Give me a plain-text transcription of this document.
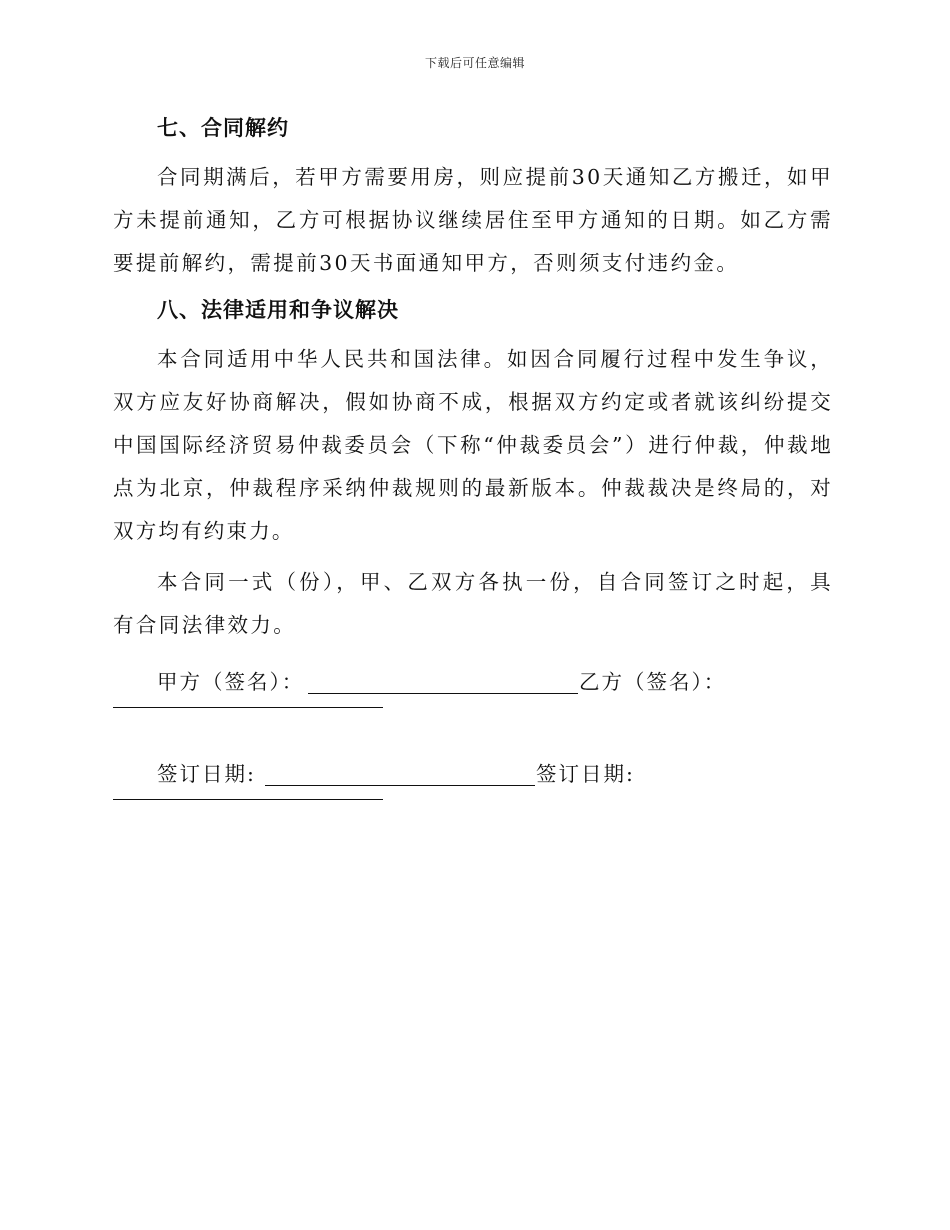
下载后可任意编辑
七、合同解约

合同期满后，若甲方需要用房，则应提前30天通知乙方搬迁，如甲方未提前通知，乙方可根据协议继续居住至甲方通知的日期。如乙方需要提前解约，需提前30天书面通知甲方，否则须支付违约金。

八、法律适用和争议解决

本合同适用中华人民共和国法律。如因合同履行过程中发生争议，双方应友好协商解决，假如协商不成，根据双方约定或者就该纠纷提交中国国际经济贸易仲裁委员会（下称“仲裁委员会”）进行仲裁，仲裁地点为北京，仲裁程序采纳仲裁规则的最新版本。仲裁裁决是终局的，对双方均有约束力。

本合同一式（份），甲、乙双方各执一份，自合同签订之时起，具有合同法律效力。

甲方（签名）：	乙方（签名）：
签订日期:	签订日期:
